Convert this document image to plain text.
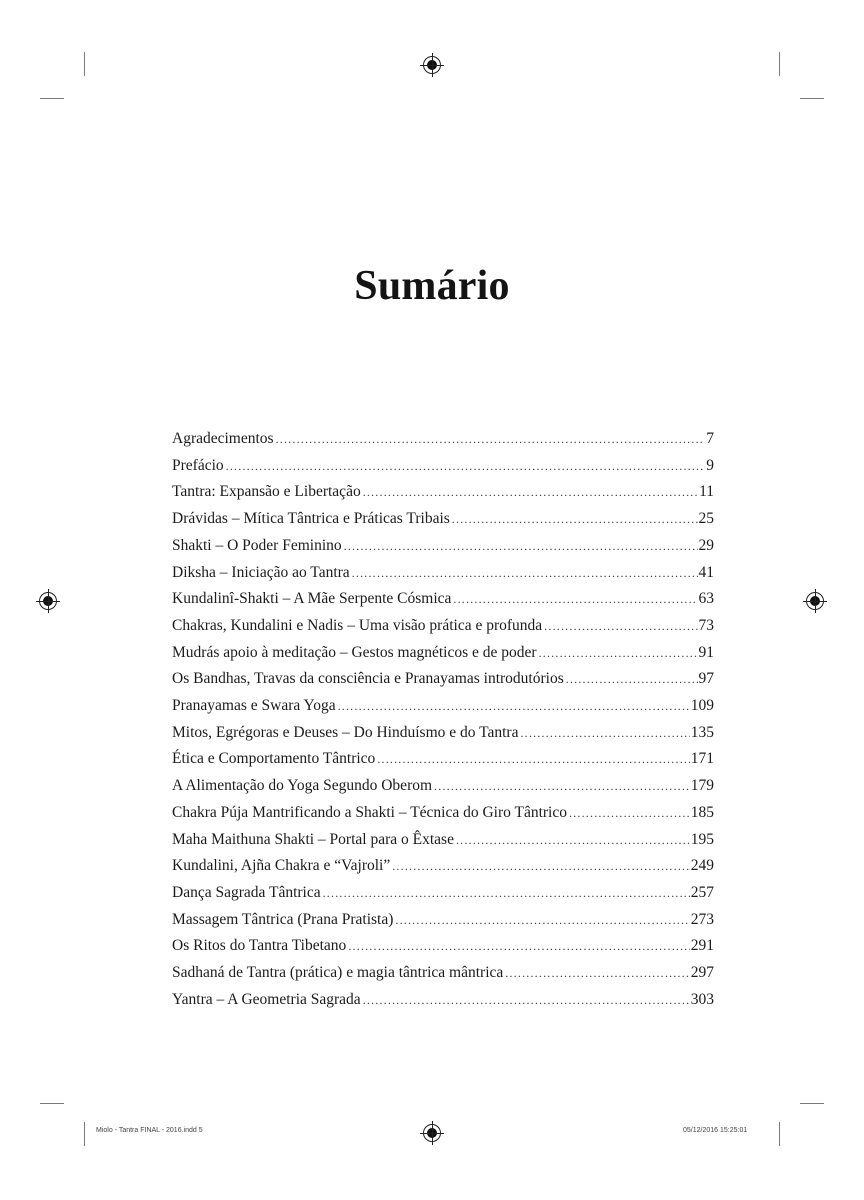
Sumário
Agradecimentos .....	7
Prefácio .....	9
Tantra: Expansão e Libertação .....	11
Drávidas – Mítica Tântrica e Práticas Tribais .....	25
Shakti – O Poder Feminino .....	29
Diksha – Iniciação ao Tantra .....	41
Kundalinî-Shakti – A Mãe Serpente Cósmica .....	63
Chakras, Kundalini e Nadis – Uma visão prática e profunda .....	73
Mudrás apoio à meditação – Gestos magnéticos e de poder .....	91
Os Bandhas, Travas da consciência e Pranayamas introdutórios .....	97
Pranayamas e Swara Yoga .....	109
Mitos, Egrégoras e Deuses – Do Hinduísmo e do Tantra .....	135
Ética e Comportamento Tântrico .....	171
A Alimentação do Yoga Segundo Oberom .....	179
Chakra Púja Mantrificando a Shakti – Técnica do Giro Tântrico .....	185
Maha Maithuna Shakti – Portal para o Êxtase .....	195
Kundalini, Ajña Chakra e “Vajroli” .....	249
Dança Sagrada Tântrica .....	257
Massagem Tântrica (Prana Pratista) .....	273
Os Ritos do Tantra Tibetano .....	291
Sadhaná de Tantra (prática) e magia tântrica mântrica .....	297
Yantra – A Geometria Sagrada .....	303
Miolo - Tantra FINAL - 2016.indd 5	05/12/2016 15:25:01
